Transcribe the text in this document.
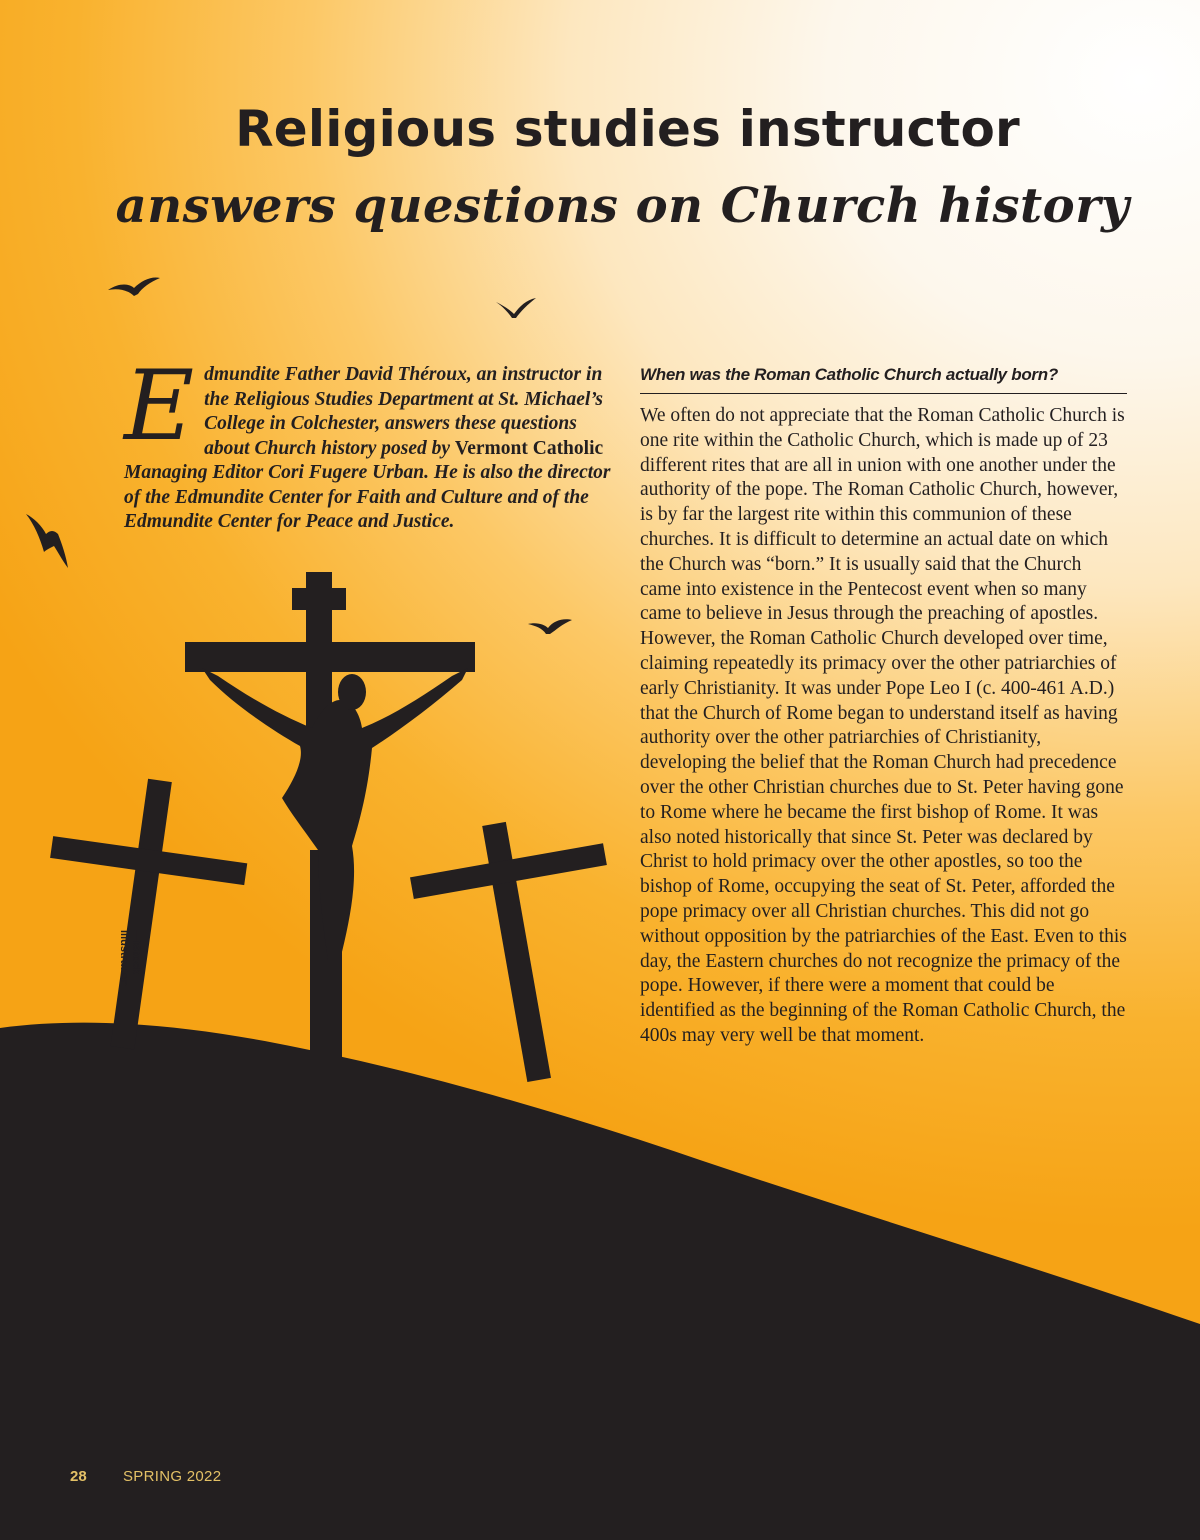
Religious studies instructor
answers questions on Church history

Edmundite Father David Théroux, an instructor in the Religious Studies Department at St. Michael’s College in Colchester, answers these questions about Church history posed by Vermont Catholic Managing Editor Cori Fugere Urban. He is also the director of the Edmundite Center for Faith and Culture and of the Edmundite Center for Peace and Justice.

When was the Roman Catholic Church actually born?

We often do not appreciate that the Roman Catholic Church is one rite within the Catholic Church, which is made up of 23 different rites that are all in union with one another under the authority of the pope. The Roman Catholic Church, however, is by far the largest rite within this communion of these churches. It is difficult to determine an actual date on which the Church was “born.” It is usually said that the Church came into existence in the Pentecost event when so many came to believe in Jesus through the preaching of apostles. However, the Roman Catholic Church developed over time, claiming repeatedly its primacy over the other patriarchies of early Christianity. It was under Pope Leo I (c. 400-461 A.D.) that the Church of Rome began to understand itself as having authority over the other patriarchies of Christianity, developing the belief that the Roman Church had precedence over the other Christian churches due to St. Peter having gone to Rome where he became the first bishop of Rome. It was also noted historically that since St. Peter was declared by Christ to hold primacy over the other apostles, so too the bishop of Rome, occupying the seat of St. Peter, afforded the pope primacy over all Christian churches. This did not go without opposition by the patriarchies of the East. Even to this day, the Eastern churches do not recognize the primacy of the pope. However, if there were a moment that could be identified as the beginning of the Roman Catholic Church, the 400s may very well be that moment.

—iStock illustration
28 SPRING 2022
